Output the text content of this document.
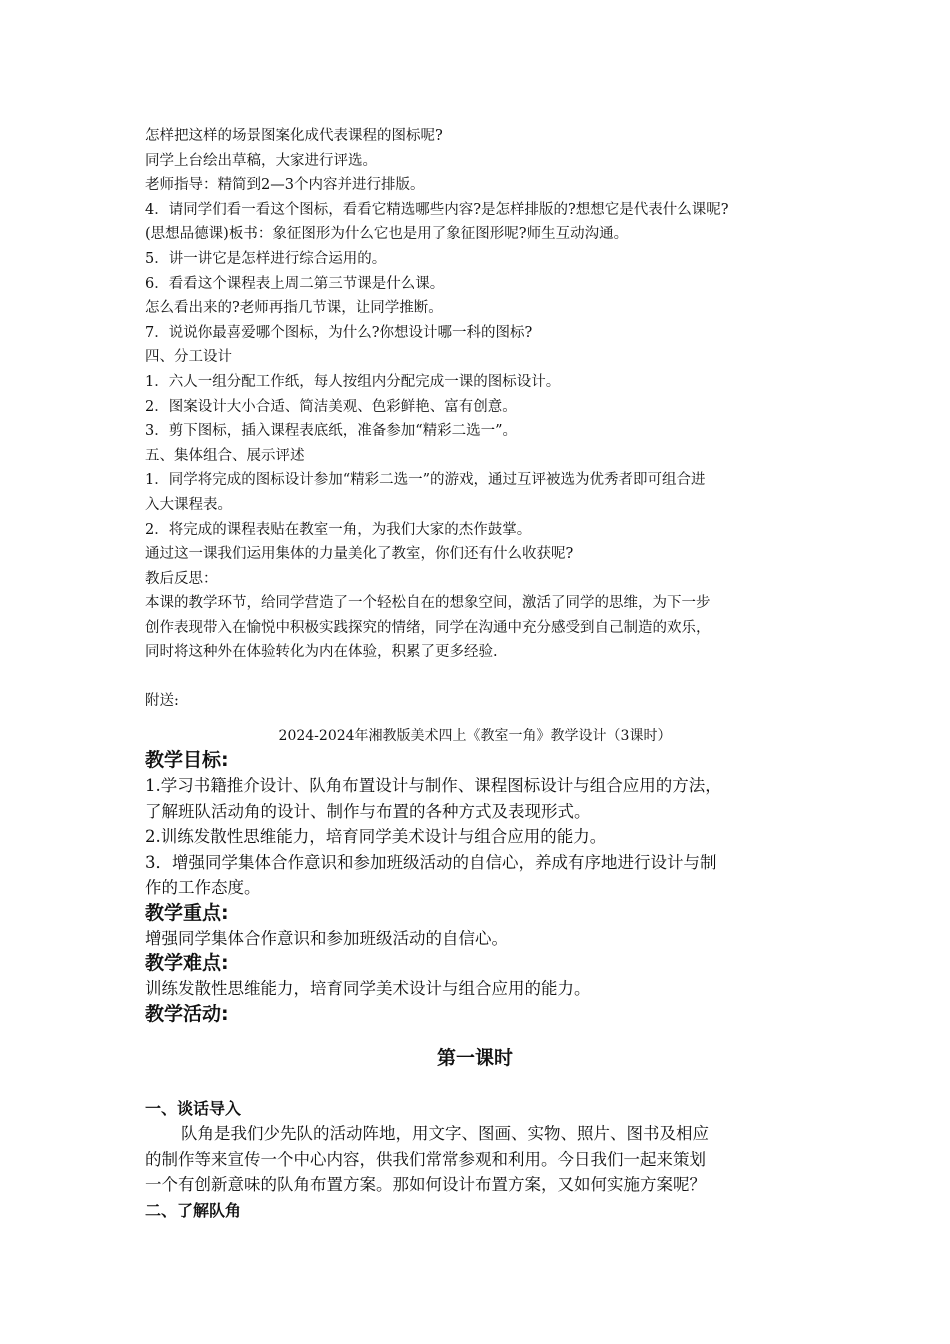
怎样把这样的场景图案化成代表课程的图标呢?

同学上台绘出草稿，大家进行评选。

老师指导：精简到2—3个内容并进行排版。

4．请同学们看一看这个图标，看看它精选哪些内容?是怎样排版的?想想它是代表什么课呢?

(思想品德课)板书：象征图形为什么它也是用了象征图形呢?师生互动沟通。

5．讲一讲它是怎样进行综合运用的。

6．看看这个课程表上周二第三节课是什么课。

怎么看出来的?老师再指几节课，让同学推断。

7．说说你最喜爱哪个图标，为什么?你想设计哪一科的图标?

四、分工设计

1．六人一组分配工作纸，每人按组内分配完成一课的图标设计。

2．图案设计大小合适、简洁美观、色彩鲜艳、富有创意。

3．剪下图标，插入课程表底纸，准备参加“精彩二选一”。

五、集体组合、展示评述

1．同学将完成的图标设计参加“精彩二选一”的游戏，通过互评被选为优秀者即可组合进

入大课程表。

2．将完成的课程表贴在教室一角，为我们大家的杰作鼓掌。

通过这一课我们运用集体的力量美化了教室，你们还有什么收获呢?

教后反思：

本课的教学环节，给同学营造了一个轻松自在的想象空间，激活了同学的思维，为下一步

创作表现带入在愉悦中积极实践探究的情绪，同学在沟通中充分感受到自己制造的欢乐，

同时将这种外在体验转化为内在体验，积累了更多经验.

附送:

2024-2024年湘教版美术四上《教室一角》教学设计（3课时）
教学目标:

1.学习书籍推介设计、队角布置设计与制作、课程图标设计与组合应用的方法，

了解班队活动角的设计、制作与布置的各种方式及表现形式。

2.训练发散性思维能力，培育同学美术设计与组合应用的能力。

3．增强同学集体合作意识和参加班级活动的自信心，养成有序地进行设计与制

作的工作态度。

教学重点:

增强同学集体合作意识和参加班级活动的自信心。

教学难点:

训练发散性思维能力，培育同学美术设计与组合应用的能力。

教学活动:
第一课时
一、谈话导入

队角是我们少先队的活动阵地，用文字、图画、实物、照片、图书及相应

的制作等来宣传一个中心内容，供我们常常参观和利用。今日我们一起来策划

一个有创新意味的队角布置方案。那如何设计布置方案，又如何实施方案呢？

二、了解队角
